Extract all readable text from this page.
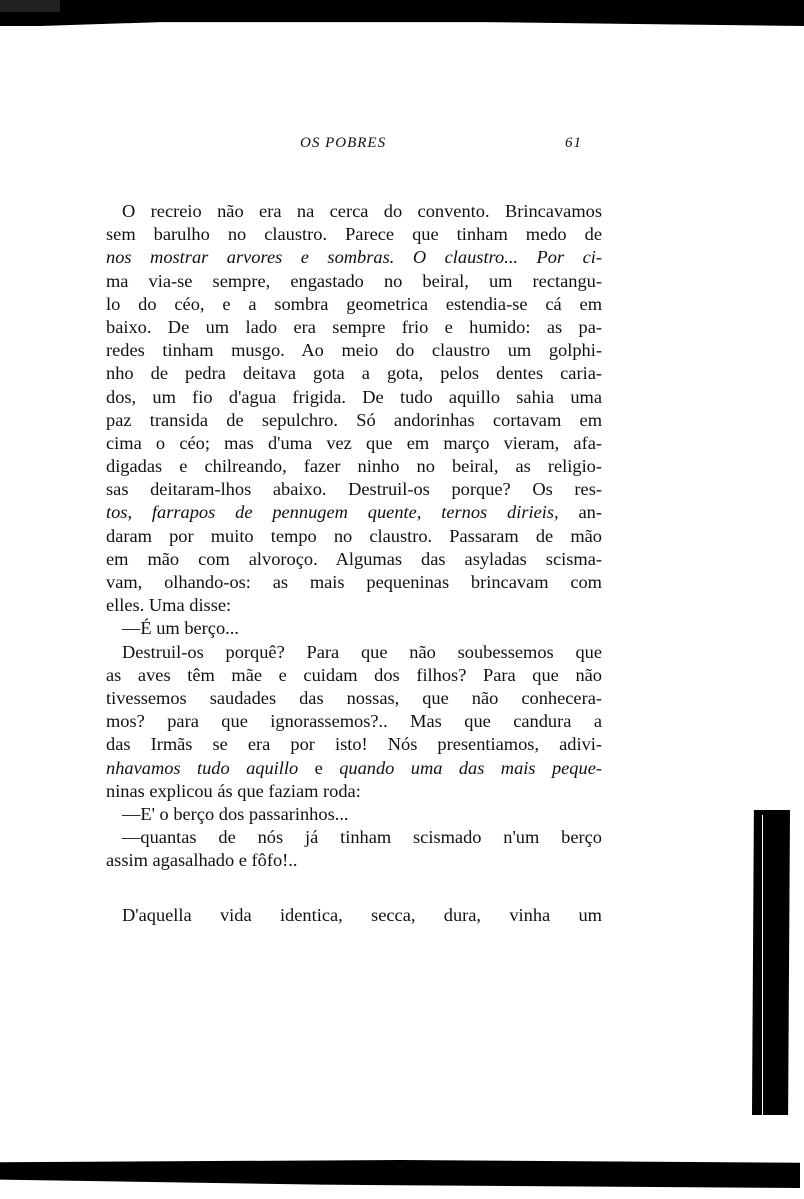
OS POBRES	61
O recreio não era na cerca do convento. Brincavamos
sem barulho no claustro. Parece que tinham medo de
nos mostrar arvores e sombras. O claustro... Por ci-
ma via-se sempre, engastado no beiral, um rectangu-
lo do céo, e a sombra geometrica estendia-se cá em
baixo. De um lado era sempre frio e humido: as pa-
redes tinham musgo. Ao meio do claustro um golphi-
nho de pedra deitava gota a gota, pelos dentes caria-
dos, um fio d'agua frigida. De tudo aquillo sahia uma
paz transida de sepulchro. Só andorinhas cortavam em
cima o céo; mas d'uma vez que em março vieram, afa-
digadas e chilreando, fazer ninho no beiral, as religio-
sas deitaram-lhos abaixo. Destruil-os porque? Os res-
tos, farrapos de pennugem quente, ternos dirieis, an-
daram por muito tempo no claustro. Passaram de mão
em mão com alvoroço. Algumas das asyladas scisma-
vam, olhando-os: as mais pequeninas brincavam com
elles. Uma disse:
—É um berço...
Destruil-os porquê? Para que não soubessemos que
as aves têm mãe e cuidam dos filhos? Para que não
tivessemos saudades das nossas, que não conhecera-
mos? para que ignorassemos?.. Mas que candura a
das Irmãs se era por isto! Nós presentiamos, adivi-
nhavamos tudo aquillo e quando uma das mais peque-
ninas explicou ás que faziam roda:
—E' o berço dos passarinhos...
—quantas de nós já tinham scismado n'um berço
assim agasalhado e fôfo!..
D'aquella vida identica, secca, dura, vinha um
